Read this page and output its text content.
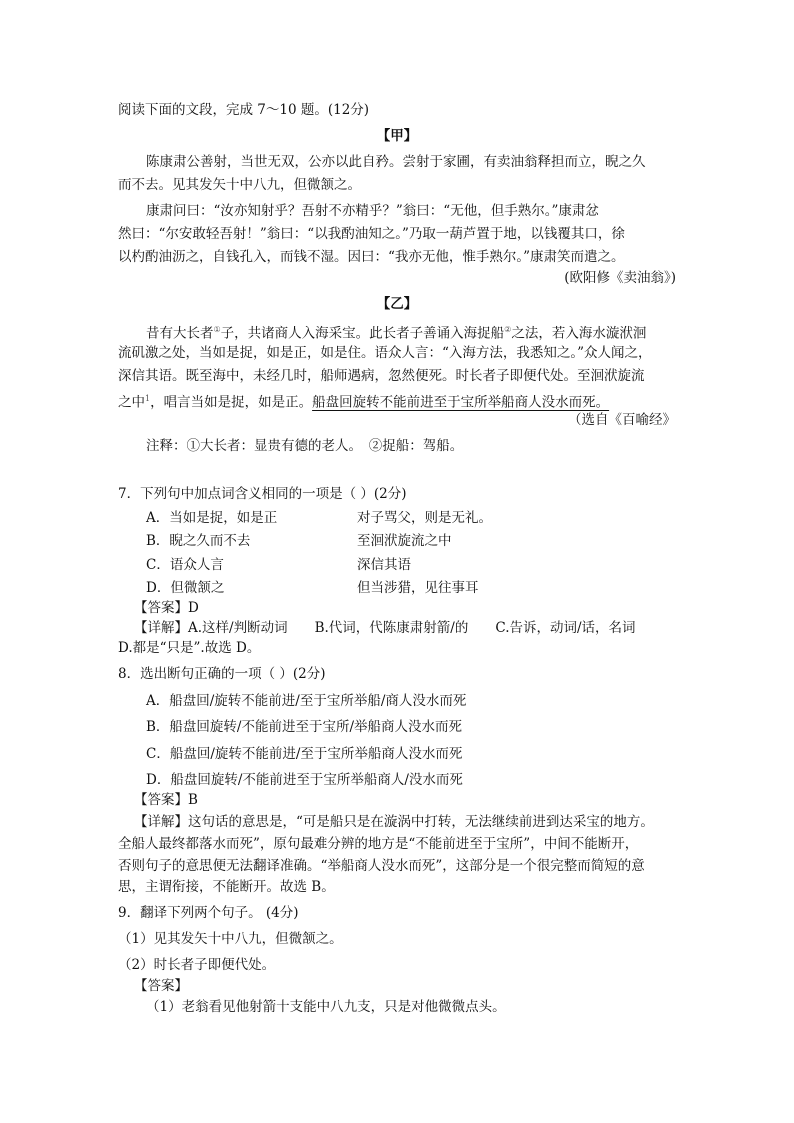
阅读下面的文段，完成 7～10 题。(12分)
【甲】
陈康肃公善射，当世无双，公亦以此自矜。尝射于家圃，有卖油翁释担而立，睨之久
而不去。见其发矢十中八九，但微颔之。
康肃问曰：“汝亦知射乎？吾射不亦精乎？”翁曰：“无他，但手熟尔。”康肃忿
然曰：“尔安敢轻吾射！”翁曰：“以我酌油知之。”乃取一葫芦置于地，以钱覆其口，徐
以杓酌油沥之，自钱孔入，而钱不湿。因曰：“我亦无他，惟手熟尔。”康肃笑而遣之。
(欧阳修《卖油翁》)
【乙】
昔有大长者①子，共诸商人入海采宝。此长者子善诵入海捉船②之法，若入海水漩洑洄
流矶激之处，当如是捉，如是正，如是住。语众人言：“入海方法，我悉知之。”众人闻之，
深信其语。既至海中，未经几时，船师遇病，忽然便死。时长者子即便代处。至洄洑旋流
之中$^1$，唱言当如是捉，如是正。船盘回旋转不能前进至于宝所举船商人没水而死。
（选自《百喻经》
注释：①大长者：显贵有德的老人。　②捉船：驾船。
7．下列句中加点词含义相同的一项是（ ）(2分)
A．当如是捉，如是正	对子骂父，则是无礼。
B．睨之久而不去	至洄洑旋流之中
C．语众人言	深信其语
D．但微颔之	但当涉猎，见往事耳
【答案】D
【详解】A.这样/判断动词　　B.代词，代陈康肃射箭/的　　C.告诉，动词/话，名词
D.都是“只是”.故选 D。
8．选出断句正确的一项（ ）(2分)
A．船盘回/旋转不能前进/至于宝所举船/商人没水而死
B．船盘回旋转/不能前进至于宝所/举船商人没水而死
C．船盘回/旋转不能前进/至于宝所举船商人没水而死
D．船盘回旋转/不能前进至于宝所举船商人/没水而死
【答案】B
【详解】这句话的意思是，“可是船只是在漩涡中打转，无法继续前进到达采宝的地方。
全船人最终都落水而死”，原句最难分辨的地方是“不能前进至于宝所”，中间不能断开，
否则句子的意思便无法翻译准确。“举船商人没水而死”，这部分是一个很完整而简短的意
思，主谓衔接，不能断开。故选 B。
9．翻译下列两个句子。 (4分)
（1）见其发矢十中八九，但微颔之。
（2）时长者子即便代处。
【答案】
（1）老翁看见他射箭十支能中八九支，只是对他微微点头。
